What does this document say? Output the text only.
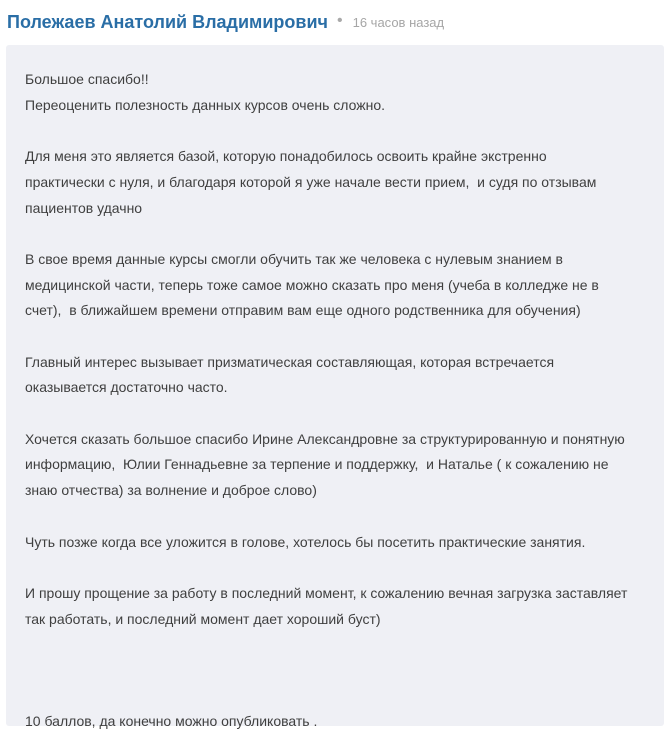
Полежаев Анатолий Владимирович • 16 часов назад
Большое спасибо!!
Переоценить полезность данных курсов очень сложно.
Для меня это является базой, которую понадобилось освоить крайне экстренно
практически с нуля, и благодаря которой я уже начале вести прием,  и судя по отзывам
пациентов удачно
В свое время данные курсы смогли обучить так же человека с нулевым знанием в
медицинской части, теперь тоже самое можно сказать про меня (учеба в колледже не в
счет),  в ближайшем времени отправим вам еще одного родственника для обучения)
Главный интерес вызывает призматическая составляющая, которая встречается
оказывается достаточно часто.
Хочется сказать большое спасибо Ирине Александровне за структурированную и понятную
информацию,  Юлии Геннадьевне за терпение и поддержку,  и Наталье ( к сожалению не
знаю отчества) за волнение и доброе слово)
Чуть позже когда все уложится в голове, хотелось бы посетить практические занятия.
И прошу прощение за работу в последний момент, к сожалению вечная загрузка заставляет
так работать, и последний момент дает хороший буст)
10 баллов, да конечно можно опубликовать .
